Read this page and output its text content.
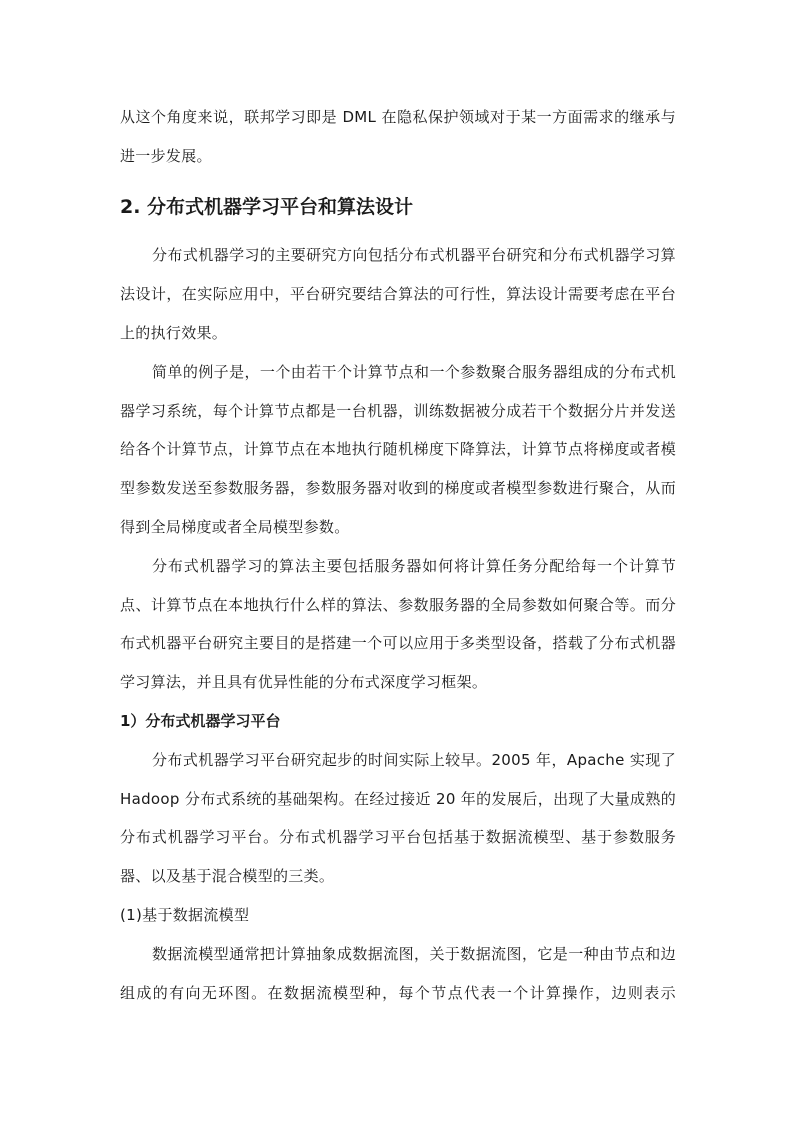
从这个角度来说，联邦学习即是 DML 在隐私保护领域对于某一方面需求的继承与进一步发展。

2. 分布式机器学习平台和算法设计

分布式机器学习的主要研究方向包括分布式机器平台研究和分布式机器学习算法设计，在实际应用中，平台研究要结合算法的可行性，算法设计需要考虑在平台上的执行效果。

简单的例子是，一个由若干个计算节点和一个参数聚合服务器组成的分布式机器学习系统，每个计算节点都是一台机器，训练数据被分成若干个数据分片并发送给各个计算节点，计算节点在本地执行随机梯度下降算法，计算节点将梯度或者模型参数发送至参数服务器，参数服务器对收到的梯度或者模型参数进行聚合，从而得到全局梯度或者全局模型参数。

分布式机器学习的算法主要包括服务器如何将计算任务分配给每一个计算节点、计算节点在本地执行什么样的算法、参数服务器的全局参数如何聚合等。而分布式机器平台研究主要目的是搭建一个可以应用于多类型设备，搭载了分布式机器学习算法，并且具有优异性能的分布式深度学习框架。

1）分布式机器学习平台

分布式机器学习平台研究起步的时间实际上较早。2005 年，Apache 实现了 Hadoop 分布式系统的基础架构。在经过接近 20 年的发展后，出现了大量成熟的分布式机器学习平台。分布式机器学习平台包括基于数据流模型、基于参数服务器、以及基于混合模型的三类。

(1)基于数据流模型

数据流模型通常把计算抽象成数据流图，关于数据流图，它是一种由节点和边组成的有向无环图。在数据流模型种，每个节点代表一个计算操作，边则表示
